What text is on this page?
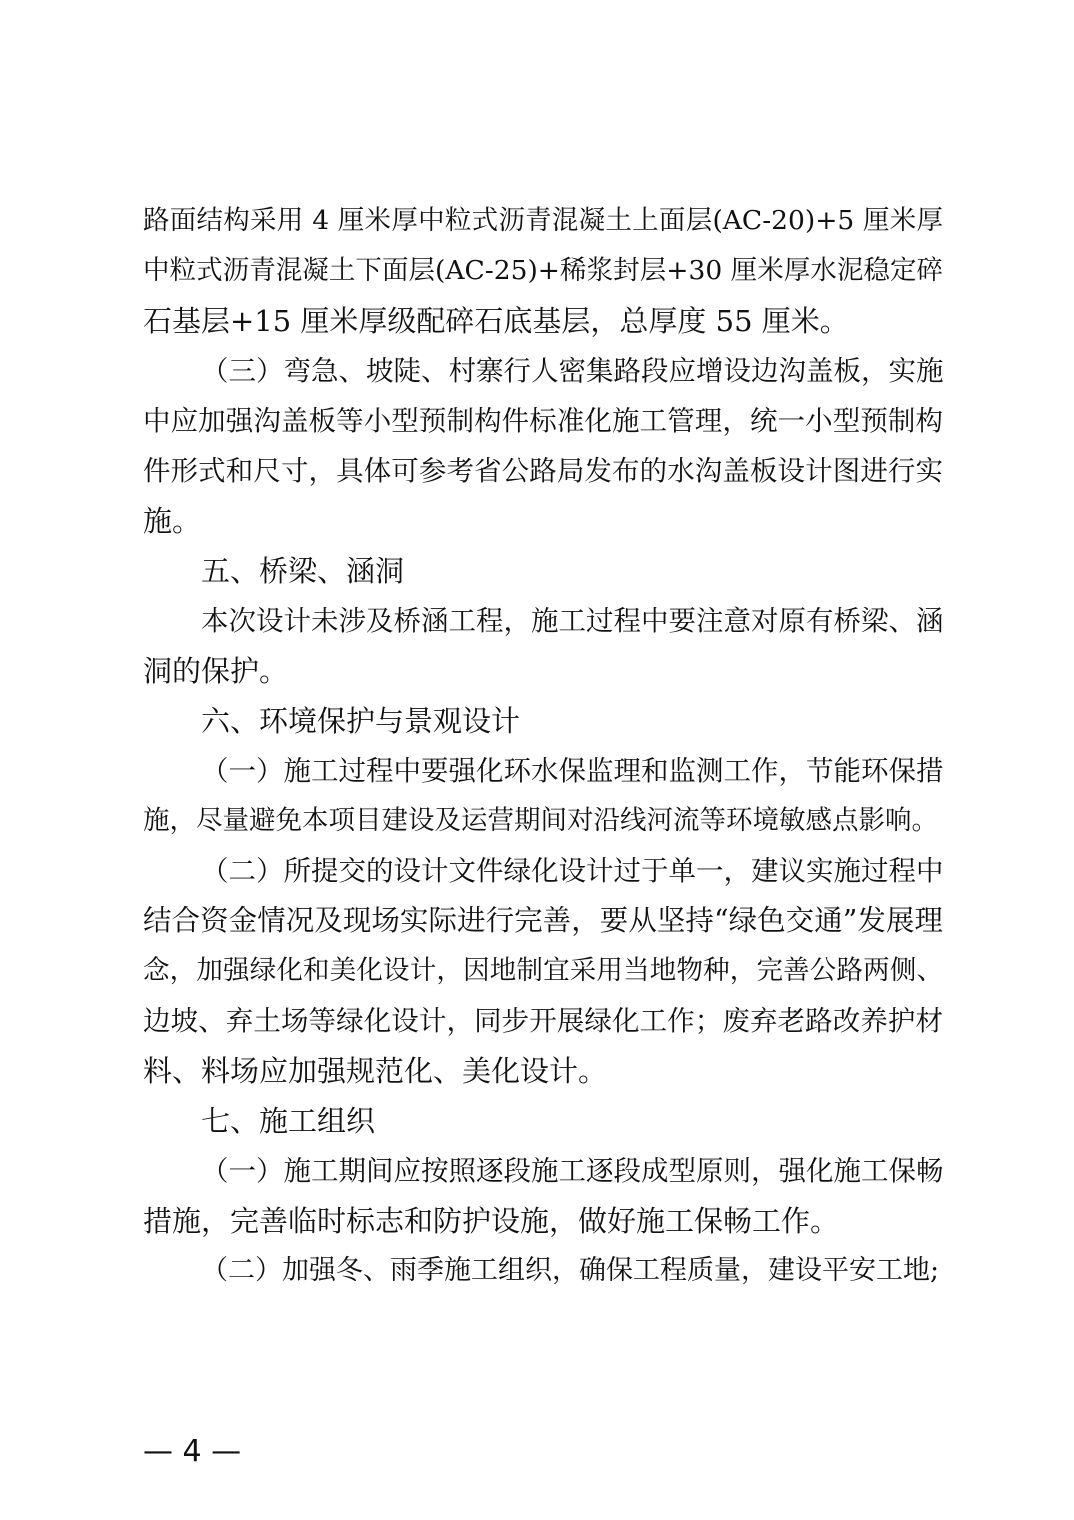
路面结构采用 4 厘米厚中粒式沥青混凝土上面层(AC-20)+5 厘米厚
中粒式沥青混凝土下面层(AC-25)+稀浆封层+30 厘米厚水泥稳定碎
石基层+15 厘米厚级配碎石底基层，总厚度 55 厘米。
（三）弯急、坡陡、村寨行人密集路段应增设边沟盖板，实施
中应加强沟盖板等小型预制构件标准化施工管理，统一小型预制构
件形式和尺寸，具体可参考省公路局发布的水沟盖板设计图进行实
施。
五、桥梁、涵洞
本次设计未涉及桥涵工程，施工过程中要注意对原有桥梁、涵
洞的保护。
六、环境保护与景观设计
（一）施工过程中要强化环水保监理和监测工作，节能环保措
施，尽量避免本项目建设及运营期间对沿线河流等环境敏感点影响。
（二）所提交的设计文件绿化设计过于单一，建议实施过程中
结合资金情况及现场实际进行完善，要从坚持“绿色交通”发展理
念，加强绿化和美化设计，因地制宜采用当地物种，完善公路两侧、
边坡、弃土场等绿化设计，同步开展绿化工作；废弃老路改养护材
料、料场应加强规范化、美化设计。
七、施工组织
（一）施工期间应按照逐段施工逐段成型原则，强化施工保畅
措施，完善临时标志和防护设施，做好施工保畅工作。
（二）加强冬、雨季施工组织，确保工程质量，建设平安工地;
— 4 —
